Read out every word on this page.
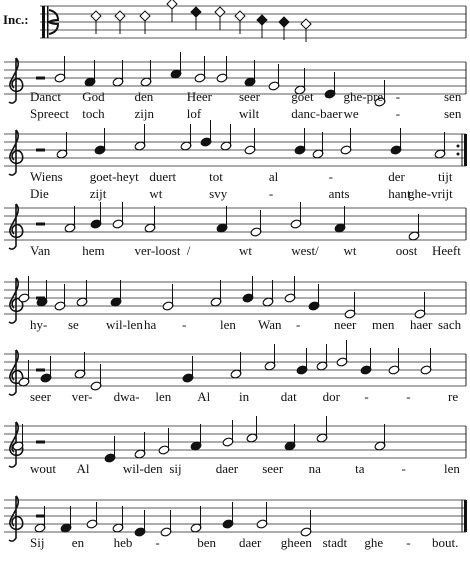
Inc.:
Danct God den	Heer seer goet ghe-pre -	sen
Spreect toch zijn	lof	wilt danc-baer we	-	sen
Wiens goet-heyt duert	tot	al	-	der	tijt
Die	zijt	wt	svy	-	ants	hant
ghe-vrijt
Van hem ver-loost /	wt	west/ wt	oost Heeft
hy- se wil-len ha -	len Wan -	neer men haer sach
seer ver- dwa- len Al in dat dor -	-	re
wout Al	wil-den sij	daer seer na	ta	-	len
Sij en heb -	ben daer gheen stadt ghe - bout.
